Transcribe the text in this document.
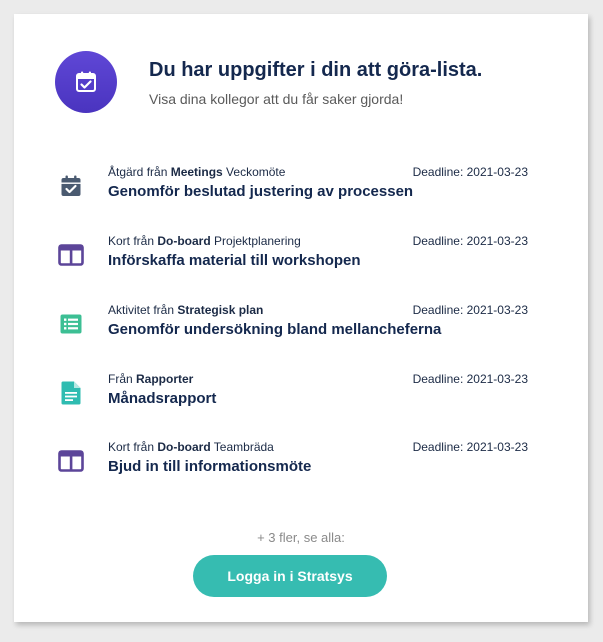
Du har uppgifter i din att göra-lista.
Visa dina kollegor att du får saker gjorda!
Åtgärd från Meetings Veckomöte	Deadline: 2021-03-23
Genomför beslutad justering av processen
Kort från Do-board Projektplanering	Deadline: 2021-03-23
Införskaffa material till workshopen
Aktivitet från Strategisk plan	Deadline: 2021-03-23
Genomför undersökning bland mellancheferna
Från Rapporter	Deadline: 2021-03-23
Månadsrapport
Kort från Do-board Teambräda	Deadline: 2021-03-23
Bjud in till informationsmöte
+ 3 fler, se alla:
Logga in i Stratsys
